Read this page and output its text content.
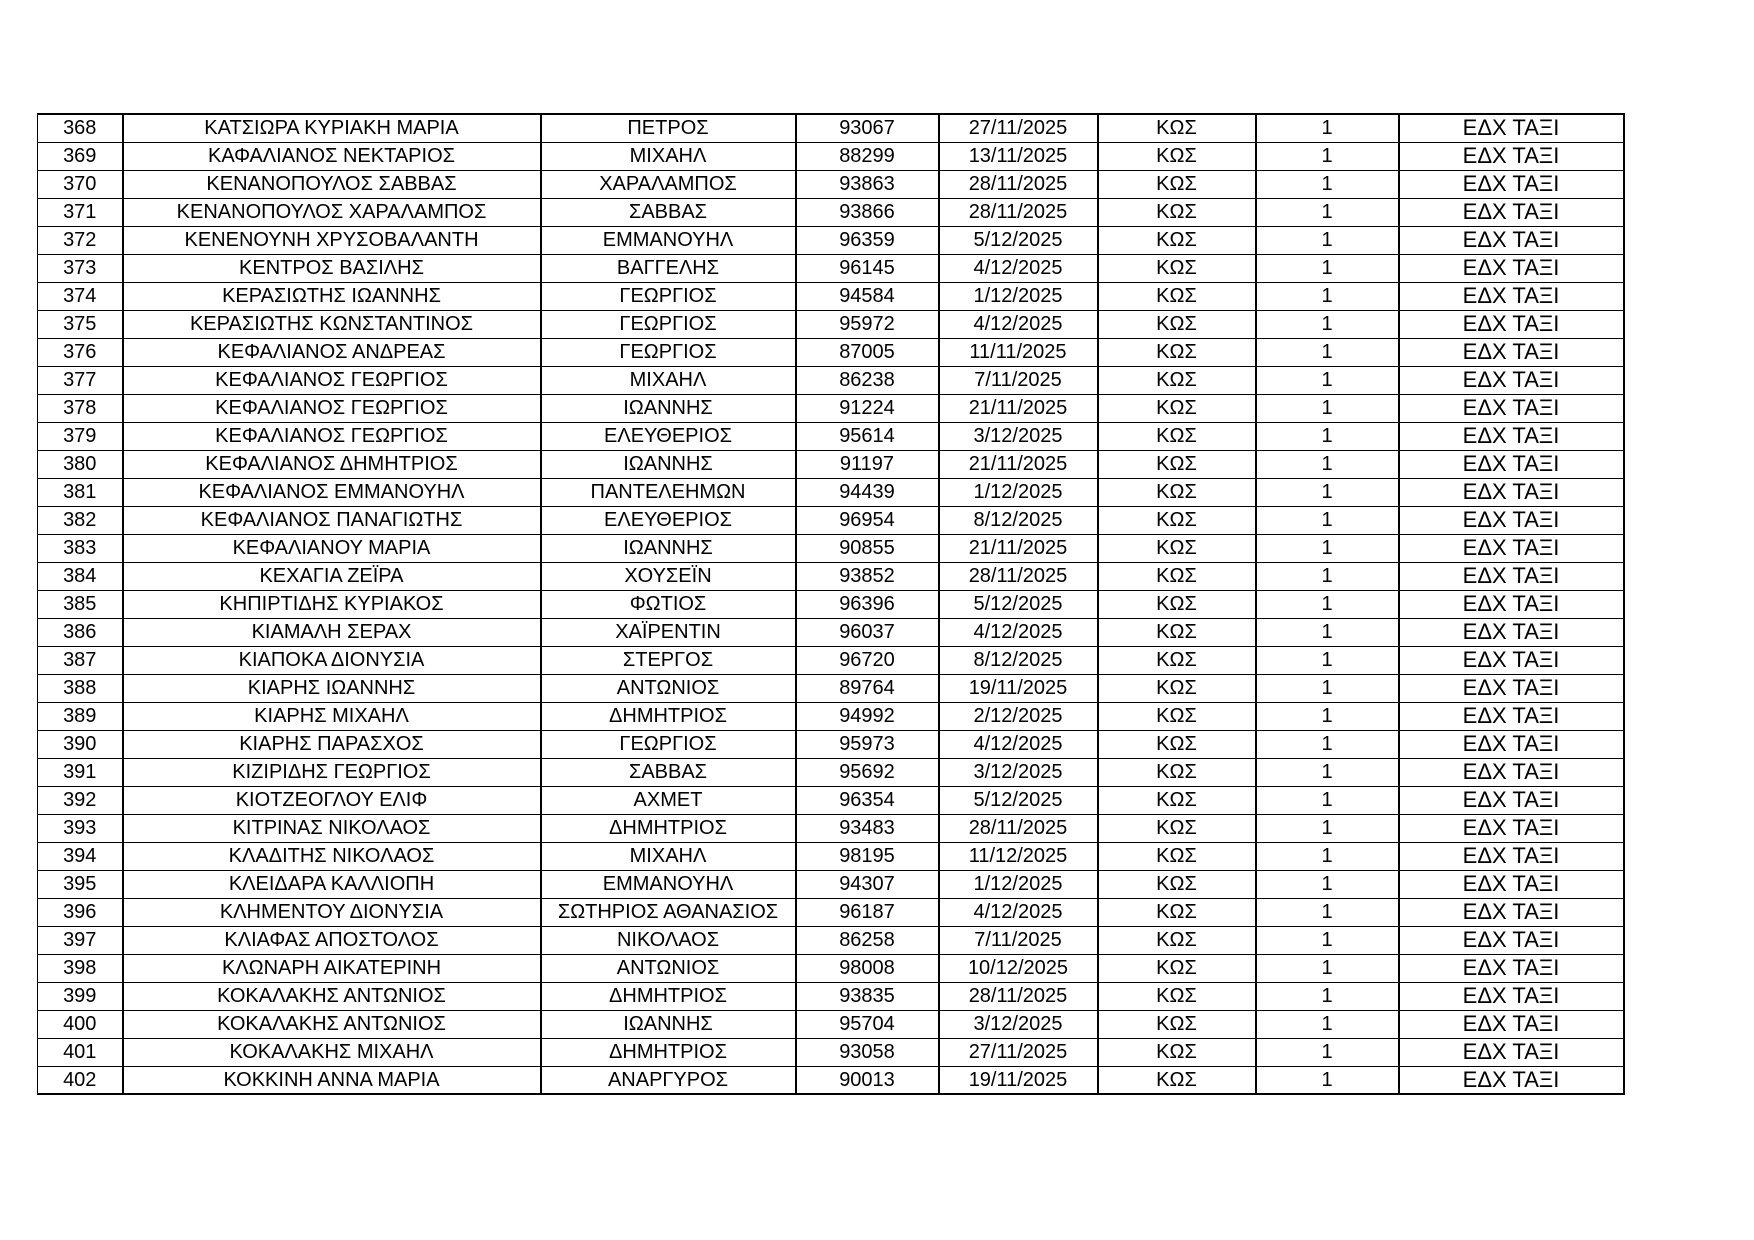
368	ΚΑΤΣΙΩΡΑ ΚΥΡΙΑΚΗ ΜΑΡΙΑ	ΠΕΤΡΟΣ	93067	27/11/2025	ΚΩΣ	1	ΕΔΧ ΤΑΞΙ
369	ΚΑΦΑΛΙΑΝΟΣ ΝΕΚΤΑΡΙΟΣ	ΜΙΧΑΗΛ	88299	13/11/2025	ΚΩΣ	1	ΕΔΧ ΤΑΞΙ
370	ΚΕΝΑΝΟΠΟΥΛΟΣ ΣΑΒΒΑΣ	ΧΑΡΑΛΑΜΠΟΣ	93863	28/11/2025	ΚΩΣ	1	ΕΔΧ ΤΑΞΙ
371	ΚΕΝΑΝΟΠΟΥΛΟΣ ΧΑΡΑΛΑΜΠΟΣ	ΣΑΒΒΑΣ	93866	28/11/2025	ΚΩΣ	1	ΕΔΧ ΤΑΞΙ
372	ΚΕΝΕΝΟΥΝΗ ΧΡΥΣΟΒΑΛΑΝΤΗ	ΕΜΜΑΝΟΥΗΛ	96359	5/12/2025	ΚΩΣ	1	ΕΔΧ ΤΑΞΙ
373	ΚΕΝΤΡΟΣ ΒΑΣΙΛΗΣ	ΒΑΓΓΕΛΗΣ	96145	4/12/2025	ΚΩΣ	1	ΕΔΧ ΤΑΞΙ
374	ΚΕΡΑΣΙΩΤΗΣ ΙΩΑΝΝΗΣ	ΓΕΩΡΓΙΟΣ	94584	1/12/2025	ΚΩΣ	1	ΕΔΧ ΤΑΞΙ
375	ΚΕΡΑΣΙΩΤΗΣ ΚΩΝΣΤΑΝΤΙΝΟΣ	ΓΕΩΡΓΙΟΣ	95972	4/12/2025	ΚΩΣ	1	ΕΔΧ ΤΑΞΙ
376	ΚΕΦΑΛΙΑΝΟΣ ΑΝΔΡΕΑΣ	ΓΕΩΡΓΙΟΣ	87005	11/11/2025	ΚΩΣ	1	ΕΔΧ ΤΑΞΙ
377	ΚΕΦΑΛΙΑΝΟΣ ΓΕΩΡΓΙΟΣ	ΜΙΧΑΗΛ	86238	7/11/2025	ΚΩΣ	1	ΕΔΧ ΤΑΞΙ
378	ΚΕΦΑΛΙΑΝΟΣ ΓΕΩΡΓΙΟΣ	ΙΩΑΝΝΗΣ	91224	21/11/2025	ΚΩΣ	1	ΕΔΧ ΤΑΞΙ
379	ΚΕΦΑΛΙΑΝΟΣ ΓΕΩΡΓΙΟΣ	ΕΛΕΥΘΕΡΙΟΣ	95614	3/12/2025	ΚΩΣ	1	ΕΔΧ ΤΑΞΙ
380	ΚΕΦΑΛΙΑΝΟΣ ΔΗΜΗΤΡΙΟΣ	ΙΩΑΝΝΗΣ	91197	21/11/2025	ΚΩΣ	1	ΕΔΧ ΤΑΞΙ
381	ΚΕΦΑΛΙΑΝΟΣ ΕΜΜΑΝΟΥΗΛ	ΠΑΝΤΕΛΕΗΜΩΝ	94439	1/12/2025	ΚΩΣ	1	ΕΔΧ ΤΑΞΙ
382	ΚΕΦΑΛΙΑΝΟΣ ΠΑΝΑΓΙΩΤΗΣ	ΕΛΕΥΘΕΡΙΟΣ	96954	8/12/2025	ΚΩΣ	1	ΕΔΧ ΤΑΞΙ
383	ΚΕΦΑΛΙΑΝΟΥ ΜΑΡΙΑ	ΙΩΑΝΝΗΣ	90855	21/11/2025	ΚΩΣ	1	ΕΔΧ ΤΑΞΙ
384	ΚΕΧΑΓΙΑ ΖΕΪΡΑ	ΧΟΥΣΕΪΝ	93852	28/11/2025	ΚΩΣ	1	ΕΔΧ ΤΑΞΙ
385	ΚΗΠΙΡΤΙΔΗΣ ΚΥΡΙΑΚΟΣ	ΦΩΤΙΟΣ	96396	5/12/2025	ΚΩΣ	1	ΕΔΧ ΤΑΞΙ
386	ΚΙΑΜΑΛΗ ΣΕΡΑΧ	ΧΑΪΡΕΝΤΙΝ	96037	4/12/2025	ΚΩΣ	1	ΕΔΧ ΤΑΞΙ
387	ΚΙΑΠΟΚΑ ΔΙΟΝΥΣΙΑ	ΣΤΕΡΓΟΣ	96720	8/12/2025	ΚΩΣ	1	ΕΔΧ ΤΑΞΙ
388	ΚΙΑΡΗΣ ΙΩΑΝΝΗΣ	ΑΝΤΩΝΙΟΣ	89764	19/11/2025	ΚΩΣ	1	ΕΔΧ ΤΑΞΙ
389	ΚΙΑΡΗΣ ΜΙΧΑΗΛ	ΔΗΜΗΤΡΙΟΣ	94992	2/12/2025	ΚΩΣ	1	ΕΔΧ ΤΑΞΙ
390	ΚΙΑΡΗΣ ΠΑΡΑΣΧΟΣ	ΓΕΩΡΓΙΟΣ	95973	4/12/2025	ΚΩΣ	1	ΕΔΧ ΤΑΞΙ
391	ΚΙΖΙΡΙΔΗΣ ΓΕΩΡΓΙΟΣ	ΣΑΒΒΑΣ	95692	3/12/2025	ΚΩΣ	1	ΕΔΧ ΤΑΞΙ
392	ΚΙΟΤΖΕΟΓΛΟΥ ΕΛΙΦ	ΑΧΜΕΤ	96354	5/12/2025	ΚΩΣ	1	ΕΔΧ ΤΑΞΙ
393	ΚΙΤΡΙΝΑΣ ΝΙΚΟΛΑΟΣ	ΔΗΜΗΤΡΙΟΣ	93483	28/11/2025	ΚΩΣ	1	ΕΔΧ ΤΑΞΙ
394	ΚΛΑΔΙΤΗΣ ΝΙΚΟΛΑΟΣ	ΜΙΧΑΗΛ	98195	11/12/2025	ΚΩΣ	1	ΕΔΧ ΤΑΞΙ
395	ΚΛΕΙΔΑΡΑ ΚΑΛΛΙΟΠΗ	ΕΜΜΑΝΟΥΗΛ	94307	1/12/2025	ΚΩΣ	1	ΕΔΧ ΤΑΞΙ
396	ΚΛΗΜΕΝΤΟΥ ΔΙΟΝΥΣΙΑ	ΣΩΤΗΡΙΟΣ ΑΘΑΝΑΣΙΟΣ	96187	4/12/2025	ΚΩΣ	1	ΕΔΧ ΤΑΞΙ
397	ΚΛΙΑΦΑΣ ΑΠΟΣΤΟΛΟΣ	ΝΙΚΟΛΑΟΣ	86258	7/11/2025	ΚΩΣ	1	ΕΔΧ ΤΑΞΙ
398	ΚΛΩΝΑΡΗ ΑΙΚΑΤΕΡΙΝΗ	ΑΝΤΩΝΙΟΣ	98008	10/12/2025	ΚΩΣ	1	ΕΔΧ ΤΑΞΙ
399	ΚΟΚΑΛΑΚΗΣ ΑΝΤΩΝΙΟΣ	ΔΗΜΗΤΡΙΟΣ	93835	28/11/2025	ΚΩΣ	1	ΕΔΧ ΤΑΞΙ
400	ΚΟΚΑΛΑΚΗΣ ΑΝΤΩΝΙΟΣ	ΙΩΑΝΝΗΣ	95704	3/12/2025	ΚΩΣ	1	ΕΔΧ ΤΑΞΙ
401	ΚΟΚΑΛΑΚΗΣ ΜΙΧΑΗΛ	ΔΗΜΗΤΡΙΟΣ	93058	27/11/2025	ΚΩΣ	1	ΕΔΧ ΤΑΞΙ
402	ΚΟΚΚΙΝΗ ΑΝΝΑ ΜΑΡΙΑ	ΑΝΑΡΓΥΡΟΣ	90013	19/11/2025	ΚΩΣ	1	ΕΔΧ ΤΑΞΙ
